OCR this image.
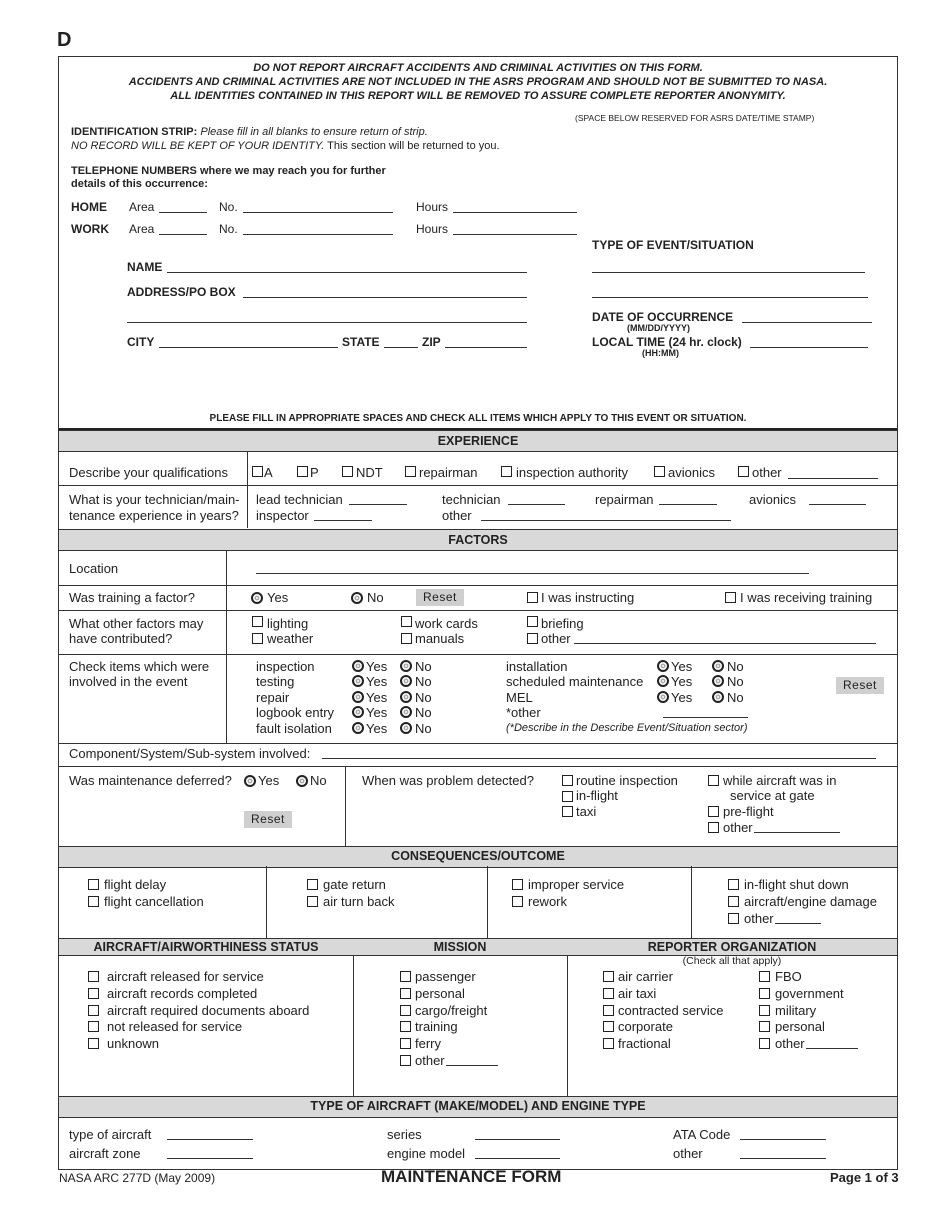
D
DO NOT REPORT AIRCRAFT ACCIDENTS AND CRIMINAL ACTIVITIES ON THIS FORM.
ACCIDENTS AND CRIMINAL ACTIVITIES ARE NOT INCLUDED IN THE ASRS PROGRAM AND SHOULD NOT BE SUBMITTED TO NASA.
ALL IDENTITIES CONTAINED IN THIS REPORT WILL BE REMOVED TO ASSURE COMPLETE REPORTER ANONYMITY.
(SPACE BELOW RESERVED FOR ASRS DATE/TIME STAMP)
IDENTIFICATION STRIP: Please fill in all blanks to ensure return of strip.
NO RECORD WILL BE KEPT OF YOUR IDENTITY. This section will be returned to you.
TELEPHONE NUMBERS where we may reach you for further
details of this occurrence:
HOME Area	No.	Hours
WORK Area	No.	Hours
NAME
ADDRESS/PO BOX
CITY	STATE	ZIP
TYPE OF EVENT/SITUATION
DATE OF OCCURRENCE
(MM/DD/YYYY)
LOCAL TIME (24 hr. clock)
(HH:MM)
PLEASE FILL IN APPROPRIATE SPACES AND CHECK ALL ITEMS WHICH APPLY TO THIS EVENT OR SITUATION.
EXPERIENCE
Describe your qualifications	A	P	NDT	repairman	inspection authority	avionics	other
What is your technician/main-
tenance experience in years?
lead technician	technician	repairman	avionics
inspector	other
FACTORS
Location
Was training a factor?	Yes	No	Reset	I was instructing	I was receiving training
What other factors may
have contributed?
lighting
weather
work cards
manuals
briefing
other
Check items which were
involved in the event
inspection	Yes No
testing	Yes No
repair	Yes No
logbook entry Yes No
fault isolation	Yes No
installation	Yes	No
scheduled maintenance Yes	No
MEL	Yes	No
*other
(*Describe in the Describe Event/Situation sector)
Reset
Component/System/Sub-system involved:
Was maintenance deferred? Yes No
Reset
When was problem detected?	routine inspection
in-flight
taxi
while aircraft was in
service at gate
pre-flight
other
CONSEQUENCES/OUTCOME
flight delay
flight cancellation
gate return
air turn back
improper service
rework
in-flight shut down
aircraft/engine damage
other
AIRCRAFT/AIRWORTHINESS STATUS	MISSION	REPORTER ORGANIZATION
(Check all that apply)
aircraft released for service
aircraft records completed
aircraft required documents aboard
not released for service
unknown
passenger
personal
cargo/freight
training
ferry
other
air carrier
air taxi
contracted service
corporate
fractional
FBO
government
military
personal
other
TYPE OF AIRCRAFT (MAKE/MODEL) AND ENGINE TYPE
type of aircraft
aircraft zone
series
engine model
ATA Code
other
NASA ARC 277D (May 2009)	MAINTENANCE FORM	Page 1 of 3
